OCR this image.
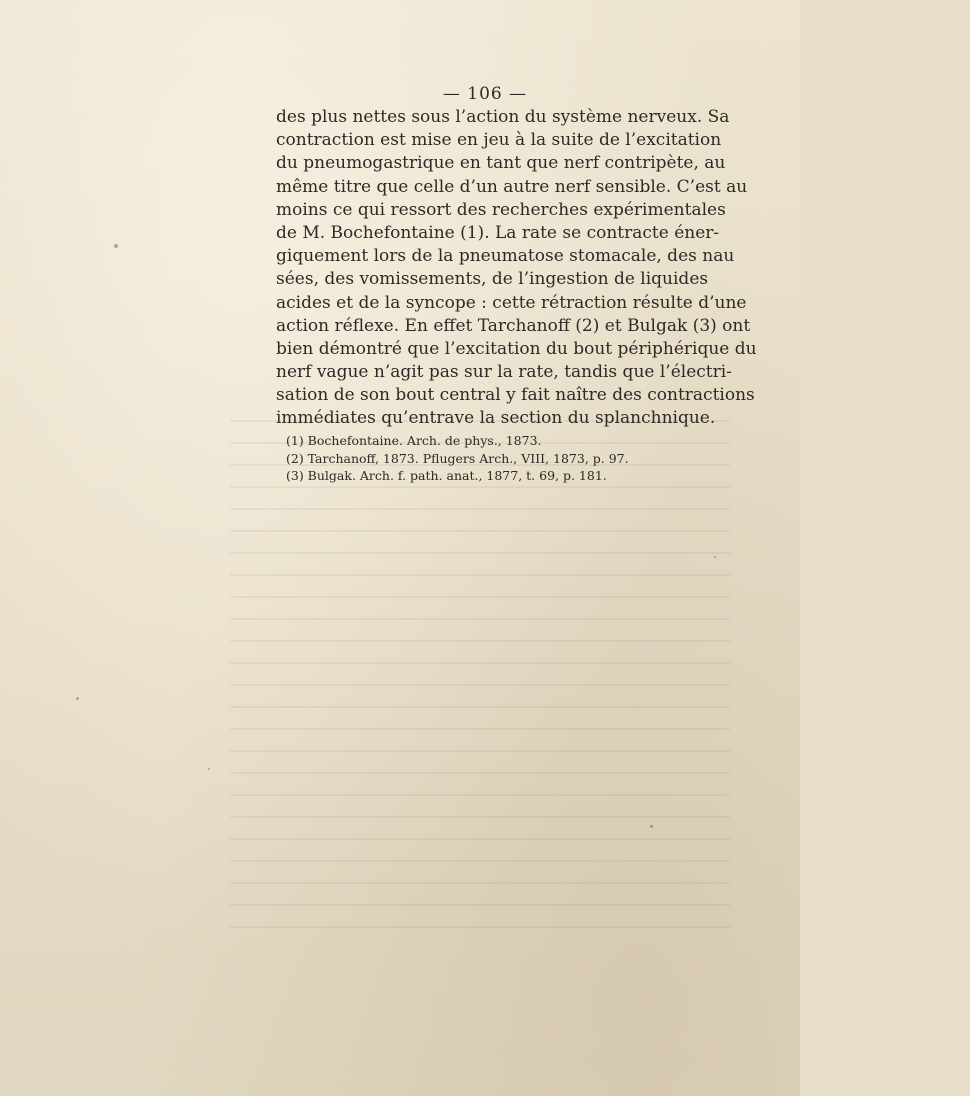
— 106 —
des plus nettes sous l’action du système nerveux. Sa
contraction est mise en jeu à la suite de l’excitation
du pneumogastrique en tant que nerf contripète, au
même titre que celle d’un autre nerf sensible. C’est au
moins ce qui ressort des recherches expérimentales
de M. Bochefontaine (1). La rate se contracte éner-
giquement lors de la pneumatose stomacale, des nau
sées, des vomissements, de l’ingestion de liquides
acides et de la syncope : cette rétraction résulte d’une
action réflexe. En effet Tarchanoff (2) et Bulgak (3) ont
bien démontré que l’excitation du bout périphérique du
nerf vague n’agit pas sur la rate, tandis que l’électri-
sation de son bout central y fait naître des contractions
immédiates qu’entrave la section du splanchnique.
(1) Bochefontaine. Arch. de phys., 1873.
(2) Tarchanoff, 1873. Pflugers Arch., VIII, 1873, p. 97.
(3) Bulgak. Arch. f. path. anat., 1877, t. 69, p. 181.
